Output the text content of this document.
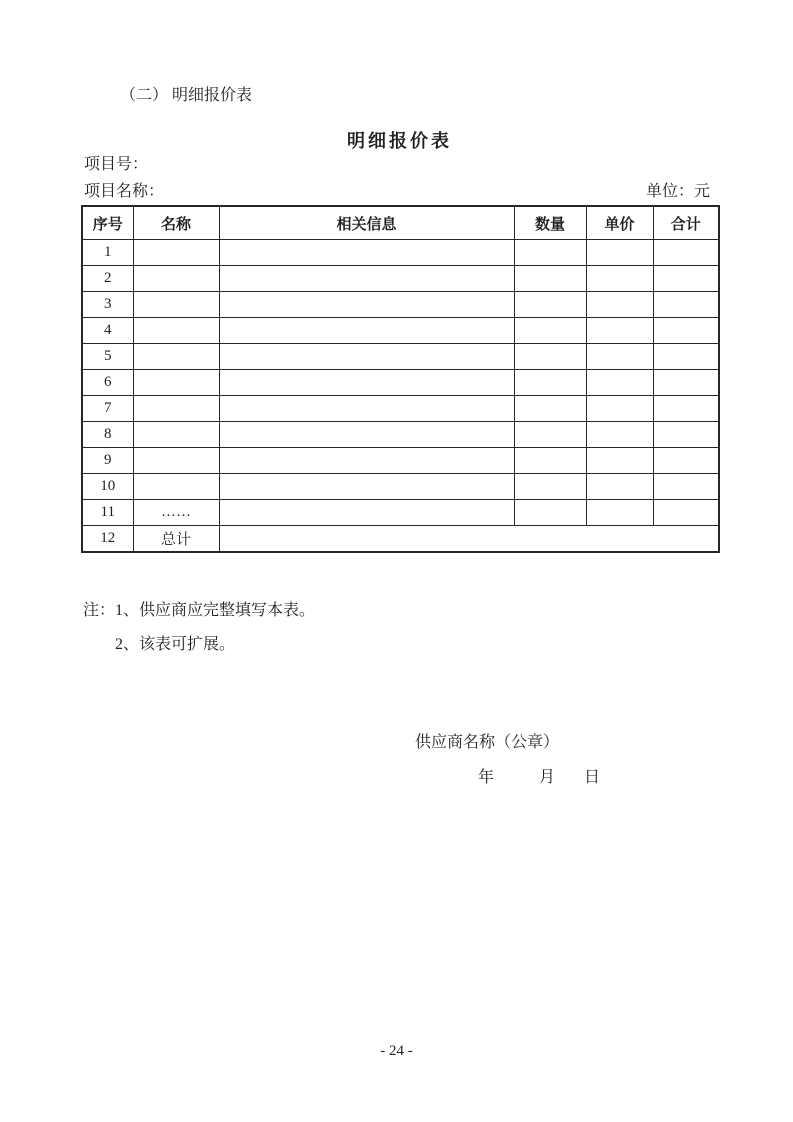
（二） 明细报价表
明细报价表
项目号：
项目名称：	单位：元
序号	名称	相关信息	数量	单价	合计
1					
2					
3					
4					
5					
6					
7					
8					
9					
10					
11	……				
12	总计				
注：1、供应商应完整填写本表。
2、该表可扩展。
供应商名称（公章）
年	月 日
- 24 -
